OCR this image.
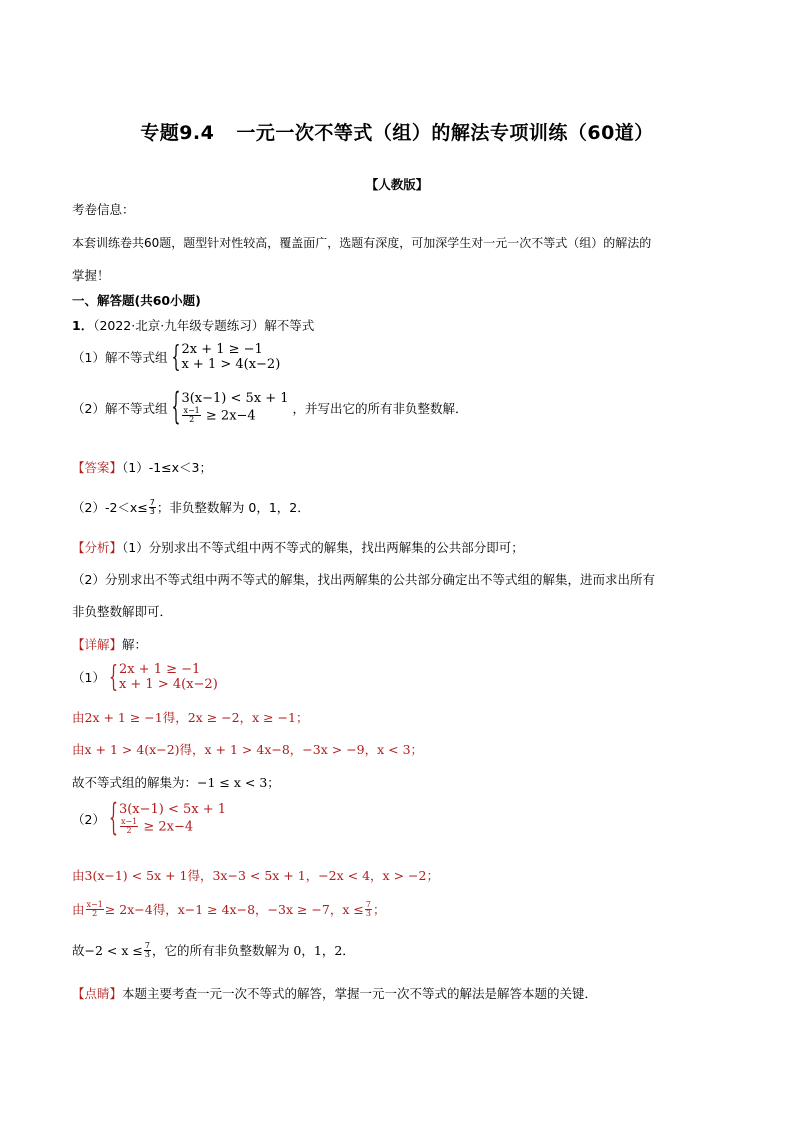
专题9.4 一元一次不等式（组）的解法专项训练（60道）
【人教版】
考卷信息：
本套训练卷共60题，题型针对性较高，覆盖面广，选题有深度，可加深学生对一元一次不等式（组）的解法的
掌握！
一、解答题(共60小题)
1．（2022·北京·九年级专题练习）解不等式
（1）解不等式组 { 2x + 1 ≥ −1
x + 1 > 4(x−2)
（2）解不等式组 { 3(x−1) < 5x + 1
$\frac{x-1}{2} \ge 2x-4$
，并写出它的所有非负整数解．
【答案】（1）-1≤x＜3；
$(2)-2<x\le \frac{7}{3}$ ；非负整数解为 0，1，2．
【分析】（1）分别求出不等式组中两不等式的解集，找出两解集的公共部分即可；
（2）分别求出不等式组中两不等式的解集，找出两解集的公共部分确定出不等式组的解集，进而求出所有
非负整数解即可．
【详解】解：
（1） { 2x + 1 ≥ −1
x + 1 > 4(x−2)
由2x + 1 ≥ −1得，2x ≥ −2，x ≥ −1；
由x + 1 > 4(x−2)得，x + 1 > 4x−8，−3x > −9，x < 3；
故不等式组的解集为：−1 ≤ x < 3；
（2） { 3(x−1) < 5x + 1
$\frac{x-1}{2} \ge 2x-4$
由3(x−1) < 5x + 1得，3x−3 < 5x + 1，−2x < 4，x > −2；
由 $\frac{x-1}{2} \ge 2x-4$得，x−1 ≥ 4x−8，−3x ≥ −7，$x \le \frac{7}{3}$ ；
故$-2 < x \le \frac{7}{3}$ ，它的所有非负整数解为 0，1，2．
【点睛】本题主要考查一元一次不等式的解答，掌握一元一次不等式的解法是解答本题的关键．
